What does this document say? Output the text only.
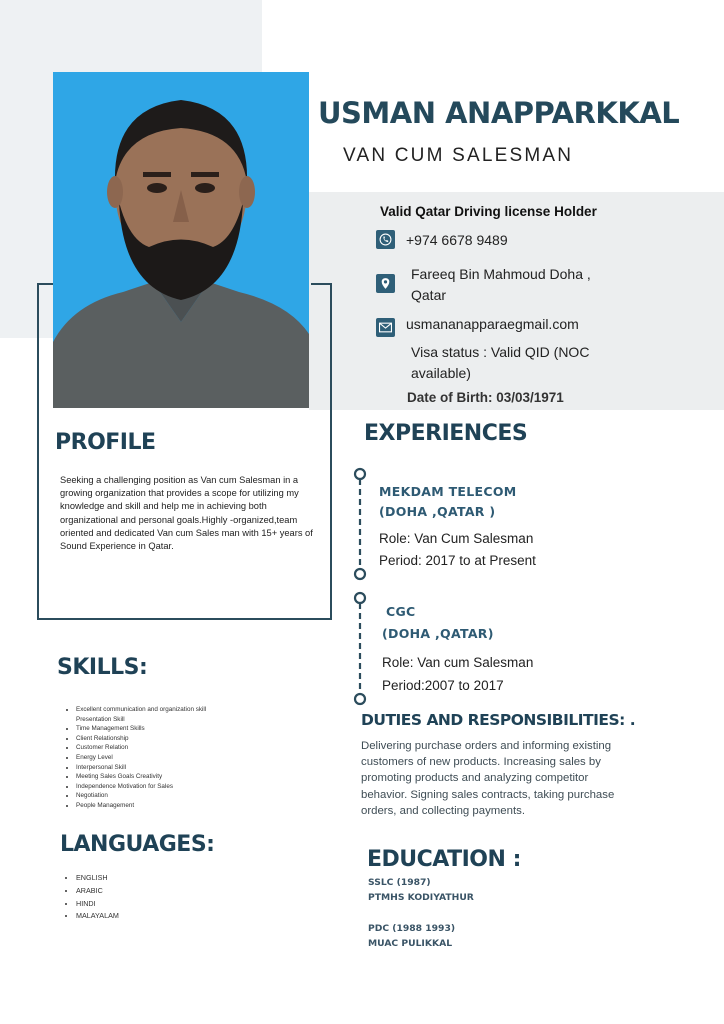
USMAN ANAPPARKKAL
VAN CUM SALESMAN
Valid Qatar Driving license Holder
+974 6678 9489
Fareeq Bin Mahmoud Doha ,
Qatar
usmananapparaegmail.com
Visa status : Valid QID (NOC
available)
Date of Birth: 03/03/1971
PROFILE
Seeking a challenging position as Van cum Salesman in a growing organization that provides a scope for utilizing my knowledge and skill and help me in achieving both organizational and personal goals.Highly -organized,team oriented and dedicated Van cum Sales man with 15+ years of Sound Experience in Qatar.
SKILLS:
• Excellent communication and organization skill
Presentation Skill
• Time Management Skills
• Client Relationship
• Customer Relation
• Energy Level
• Interpersonal Skill
• Meeting Sales Goals Creativity
• Independence Motivation for Sales
• Negotiation
• People Management
LANGUAGES:
• ENGLISH
• ARABIC
• HINDI
• MALAYALAM
EXPERIENCES
MEKDAM TELECOM
(DOHA ,QATAR )
Role: Van Cum Salesman
Period: 2017 to at Present
CGC
(DOHA ,QATAR)
Role: Van cum Salesman
Period:2007 to 2017
DUTIES AND RESPONSIBILITIES: .
Delivering purchase orders and informing existing customers of new products. Increasing sales by promoting products and analyzing competitor behavior. Signing sales contracts, taking purchase orders, and collecting payments.
EDUCATION :
SSLC (1987)
PTMHS KODIYATHUR
PDC (1988 1993)
MUAC PULIKKAL
